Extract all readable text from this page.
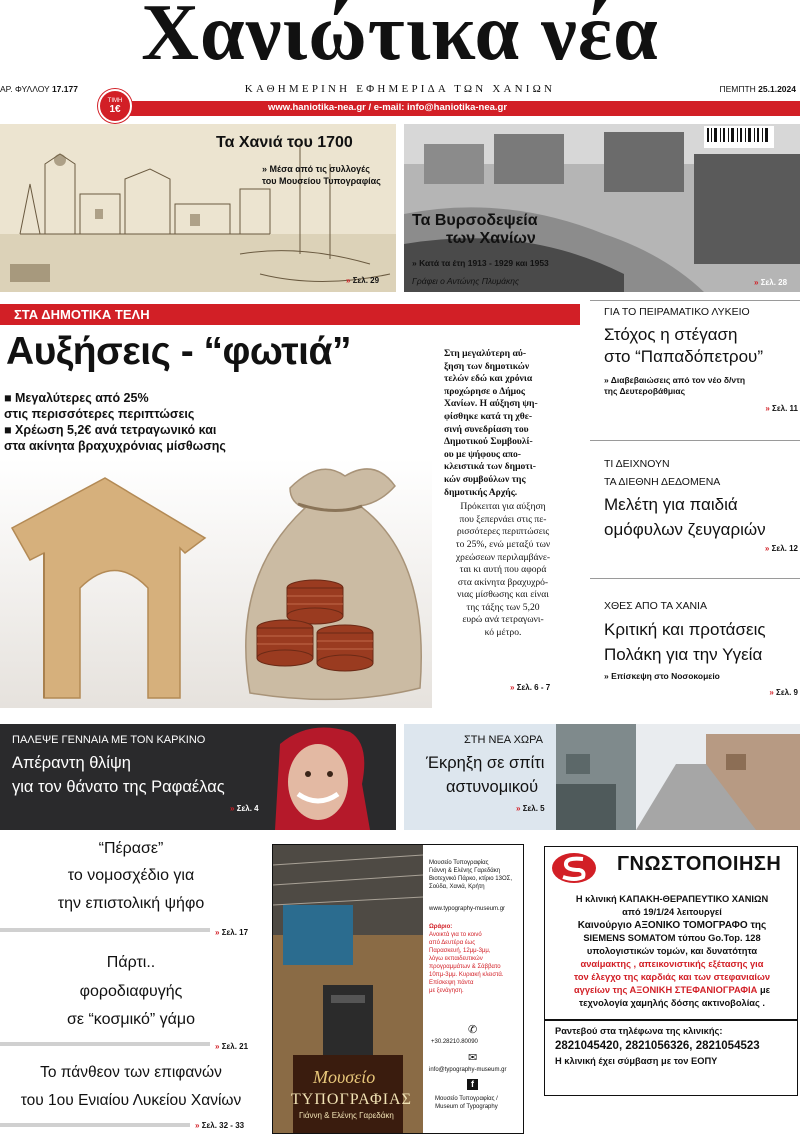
Χανιώτικα νέα
ΑΡ. ΦΥΛΛΟΥ 17.177	ΚΑΘΗΜΕΡΙΝΗ ΕΦΗΜΕΡΙΔΑ ΤΩΝ ΧΑΝΙΩΝ	ΠΕΜΠΤΗ 25.1.2024
ΤΙΜΗ
1€	www.haniotika-nea.gr / e-mail: info@haniotika-nea.gr
Τα Χανιά του 1700
» Μέσα από τις συλλογές
του Μουσείου Τυπογραφίας
» Σελ. 29
Τα Βυρσοδεψεία
των Χανίων
» Κατά τα έτη 1913 - 1929 και 1953
Γράφει ο Αντώνης Πλυμάκης	» Σελ. 28
ΣΤΑ ΔΗΜΟΤΙΚΑ ΤΕΛΗ
Αυξήσεις - “φωτιά”
■ Μεγαλύτερες από 25%
στις περισσότερες περιπτώσεις
■ Χρέωση 5,2€ ανά τετραγωνικό και
στα ακίνητα βραχυχρόνιας μίσθωσης
Στη μεγαλύτερη αύ-
ξηση των δημοτικών
τελών εδώ και χρόνια
προχώρησε ο Δήμος
Χανίων. Η αύξηση ψη-
φίσθηκε κατά τη χθε-
σινή συνεδρίαση του
Δημοτικού Συμβουλί-
ου με ψήφους απο-
κλειστικά των δημοτι-
κών συμβούλων της
δημοτικής Αρχής.
Πρόκειται για αύξηση
που ξεπερνάει στις πε-
ρισσότερες περιπτώσεις
το 25%, ενώ μεταξύ των
χρεώσεων περιλαμβάνε-
ται κι αυτή που αφορά
στα ακίνητα βραχυχρό-
νιας μίσθωσης και είναι
της τάξης των 5,20
ευρώ ανά τετραγωνι-
κό μέτρο.
» Σελ. 6 - 7
ΓΙΑ ΤΟ ΠΕΙΡΑΜΑΤΙΚΟ ΛΥΚΕΙΟ
Στόχος η στέγαση
στο “Παπαδόπετρου”
» Διαβεβαιώσεις από τον νέο δ/ντη
της Δευτεροβάθμιας
» Σελ. 11
ΤΙ ΔΕΙΧΝΟΥΝ
ΤΑ ΔΙΕΘΝΗ ΔΕΔΟΜΕΝΑ
Μελέτη για παιδιά
ομόφυλων ζευγαριών
» Σελ. 12
ΧΘΕΣ ΑΠΟ ΤΑ ΧΑΝΙΑ
Κριτική και προτάσεις
Πολάκη για την Υγεία
» Επίσκεψη στο Νοσοκομείο
» Σελ. 9
ΠΑΛΕΨΕ ΓΕΝΝΑΙΑ ΜΕ ΤΟΝ ΚΑΡΚΙΝΟ
Απέραντη θλίψη
για τον θάνατο της Ραφαέλας
» Σελ. 4
ΣΤΗ ΝΕΑ ΧΩΡΑ
Έκρηξη σε σπίτι
αστυνομικού
» Σελ. 5
“Πέρασε”
το νομοσχέδιο για
την επιστολική ψήφο
» Σελ. 17
Πάρτι..
φοροδιαφυγής
σε “κοσμικό” γάμο
» Σελ. 21
Το πάνθεον των επιφανών
του 1ου Ενιαίου Λυκείου Χανίων
» Σελ. 32 - 33
Μουσείο
ΤΥΠΟΓΡΑΦΙΑΣ
Γιάννη & Ελένης Γαρεδάκη
Μουσείο Τυπογραφίας
Γιάννη & Ελένης Γαρεδάκη
Βιοτεχνικό Πάρκο, κτίριο 13ΟΣ,
Σούδα, Χανιά, Κρήτη
www.typography-museum.gr
Ωράριο:
Ανοικτά για το κοινό
από Δευτέρα έως
Παρασκευή, 12μμ-3μμ,
λόγω εκπαιδευτικών
προγραμμάτων & Σάββατο
10πμ-3μμ. Κυριακή κλειστά.
Επίσκεψη πάντα
με ξενάγηση.
✆
+30.28210.80090
✉
info@typography-museum.gr
f
Μουσείο Τυπογραφίας /
Museum of Typography
ΓΝΩΣΤΟΠΟΙΗΣΗ
Η κλινική ΚΑΠΑΚΗ-ΘΕΡΑΠΕΥΤΙΚΟ ΧΑΝΙΩΝ
από 19/1/24 λειτουργεί
Καινούργιο ΑΞΟΝΙΚΟ ΤΟΜΟΓΡΑΦΟ της
SIEMENS SOMATOM τύπου Go.Top. 128
υπολογιστικών τομών, και δυνατότητα
αναίμακτης , απεικονιστικής εξέτασης για
τον έλεγχο της καρδιάς και των στεφανιαίων
αγγείων της ΑΞΟΝΙΚΗ ΣΤΕΦΑΝΙΟΓΡΑΦΙΑ με
τεχνολογία χαμηλής δόσης ακτινοβολίας .
Ραντεβού στα τηλέφωνα της κλινικής:
2821045420, 2821056326, 2821054523
Η κλινική έχει σύμβαση με τον ΕΟΠΥ
